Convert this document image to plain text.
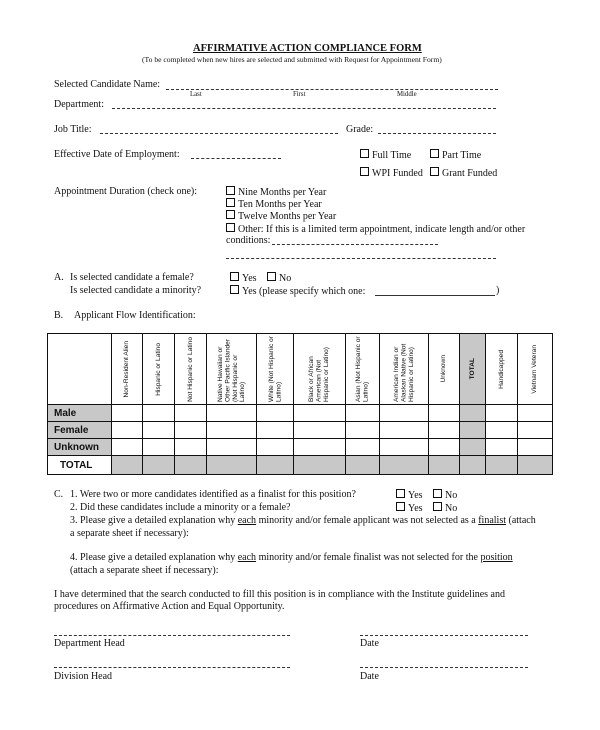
AFFIRMATIVE ACTION COMPLIANCE FORM
(To be completed when new hires are selected and submitted with Request for Appointment Form)
Selected Candidate Name:
Last	First	Middle
Department:
Job Title:	Grade:
Effective Date of Employment:	Full Time	Part Time
WPI Funded	Grant Funded
Appointment Duration (check one):	Nine Months per Year
Ten Months per Year
Twelve Months per Year
Other: If this is a limited term appointment, indicate length and/or other
conditions:
A. Is selected candidate a female?
Is selected candidate a minority?
Yes	No
Yes (please specify which one:	)
B. Applicant Flow Identification:

	Non-Resident Alien	Hispanic or Latino	Not Hispanic or Latino	Native Hawaiian or Other Pacific Islander (Not Hispanic or Latino)	White (Not Hispanic or Latino)	Black or African American (Not Hispanic or Latino)	Asian (Not Hispanic or Latino)	American Indian or Alaskan Native (Not Hispanic or Latino)	Unknown	TOTAL	Handicapped	Vietnam Veteran

Male												
Female												
Unknown												
TOTAL												
C. 1. Were two or more candidates identified as a finalist for this position?	Yes	No
2. Did these candidates include a minority or a female?	Yes	No
3. Please give a detailed explanation why each minority and/or female applicant was not selected as a finalist (attach
a separate sheet if necessary):
4. Please give a detailed explanation why each minority and/or female finalist was not selected for the position
(attach a separate sheet if necessary):
I have determined that the search conducted to fill this position is in compliance with the Institute guidelines and
procedures on Affirmative Action and Equal Opportunity.
Department Head	Date
Division Head	Date
